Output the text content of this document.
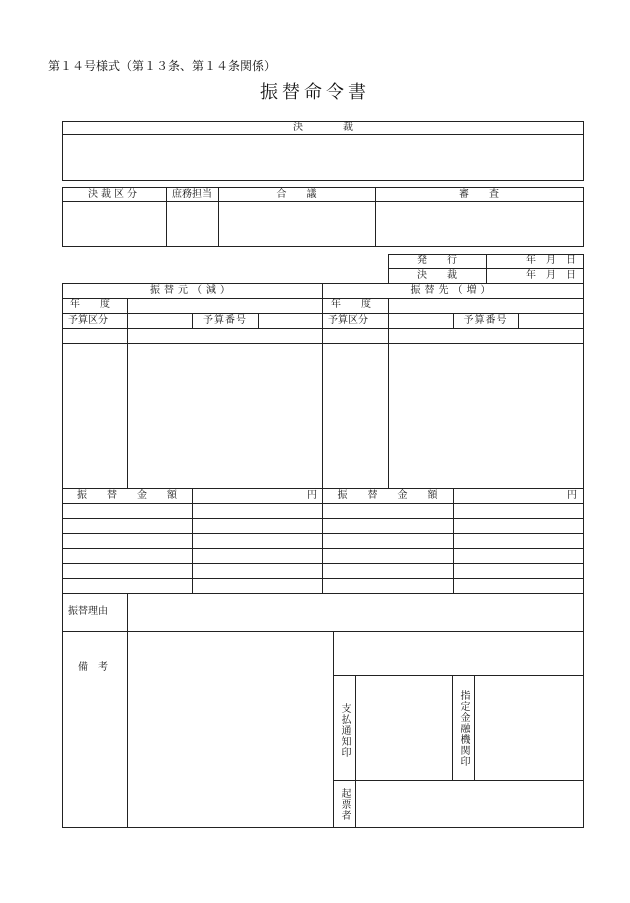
第１４号様式（第１３条、第１４条関係）
振替命令書
決　　　　裁
決裁区分	庶務担当	合　　議	審　　査
発　　行	年　月　日
決　　裁	年　月　日
振替元（減）	振替先（増）
年　　度	年　　度
予算区分	予算番号	予算区分	予算番号
振　　替　　金　　額	円	振　　替　　金　　額	円
振替理由
備　考
支払通知印	指定金融機関印
起票者
